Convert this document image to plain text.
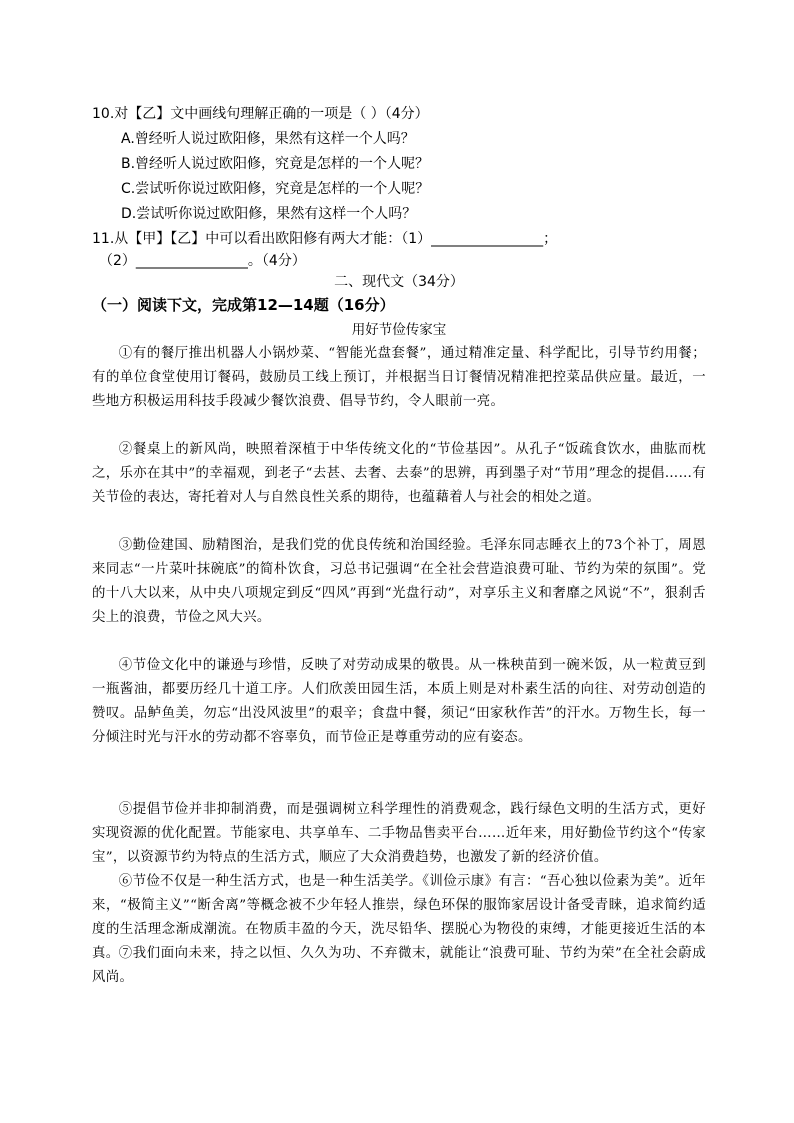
10.对【乙】文中画线句理解正确的一项是（ ）（4分）
A.曾经听人说过欧阳修，果然有这样一个人吗？
B.曾经听人说过欧阳修，究竟是怎样的一个人呢？
C.尝试听你说过欧阳修，究竟是怎样的一个人呢？
D.尝试听你说过欧阳修，果然有这样一个人吗？
11.从【甲】【乙】中可以看出欧阳修有两大才能：（1）________________；
（2）________________。（4分）
二、现代文（34分）
（一）阅读下文，完成第12—14题（16分）
用好节俭传家宝
①有的餐厅推出机器人小锅炒菜、“智能光盘套餐”，通过精准定量、科学配比，引导节约用餐；有的单位食堂使用订餐码，鼓励员工线上预订，并根据当日订餐情况精准把控菜品供应量。最近，一些地方积极运用科技手段减少餐饮浪费、倡导节约，令人眼前一亮。
②餐桌上的新风尚，映照着深植于中华传统文化的“节俭基因”。从孔子“饭疏食饮水，曲肱而枕之，乐亦在其中”的幸福观，到老子“去甚、去奢、去泰”的思辨，再到墨子对“节用”理念的提倡……有关节俭的表达，寄托着对人与自然良性关系的期待，也蕴藉着人与社会的相处之道。
③勤俭建国、励精图治，是我们党的优良传统和治国经验。毛泽东同志睡衣上的73个补丁，周恩来同志“一片菜叶抹碗底”的简朴饮食，习总书记强调“在全社会营造浪费可耻、节约为荣的氛围”。党的十八大以来，从中央八项规定到反“四风”再到“光盘行动”，对享乐主义和奢靡之风说“不”，狠刹舌尖上的浪费，节俭之风大兴。
④节俭文化中的谦逊与珍惜，反映了对劳动成果的敬畏。从一株秧苗到一碗米饭，从一粒黄豆到一瓶酱油，都要历经几十道工序。人们欣羡田园生活，本质上则是对朴素生活的向往、对劳动创造的赞叹。品鲈鱼美，勿忘“出没风波里”的艰辛；食盘中餐，须记“田家秋作苦”的汗水。万物生长，每一分倾注时光与汗水的劳动都不容辜负，而节俭正是尊重劳动的应有姿态。
⑤提倡节俭并非抑制消费，而是强调树立科学理性的消费观念，践行绿色文明的生活方式，更好实现资源的优化配置。节能家电、共享单车、二手物品售卖平台……近年来，用好勤俭节约这个“传家宝”，以资源节约为特点的生活方式，顺应了大众消费趋势，也激发了新的经济价值。
⑥节俭不仅是一种生活方式，也是一种生活美学。《训俭示康》有言：“吾心独以俭素为美”。近年来，“极简主义”“断舍离”等概念被不少年轻人推崇，绿色环保的服饰家居设计备受青睐，追求简约适度的生活理念渐成潮流。在物质丰盈的今天，洗尽铅华、摆脱心为物役的束缚，才能更接近生活的本真。 ⑦我们面向未来，持之以恒、久久为功、不弃微末，就能让“浪费可耻、节约为荣”在全社会蔚成风尚。
